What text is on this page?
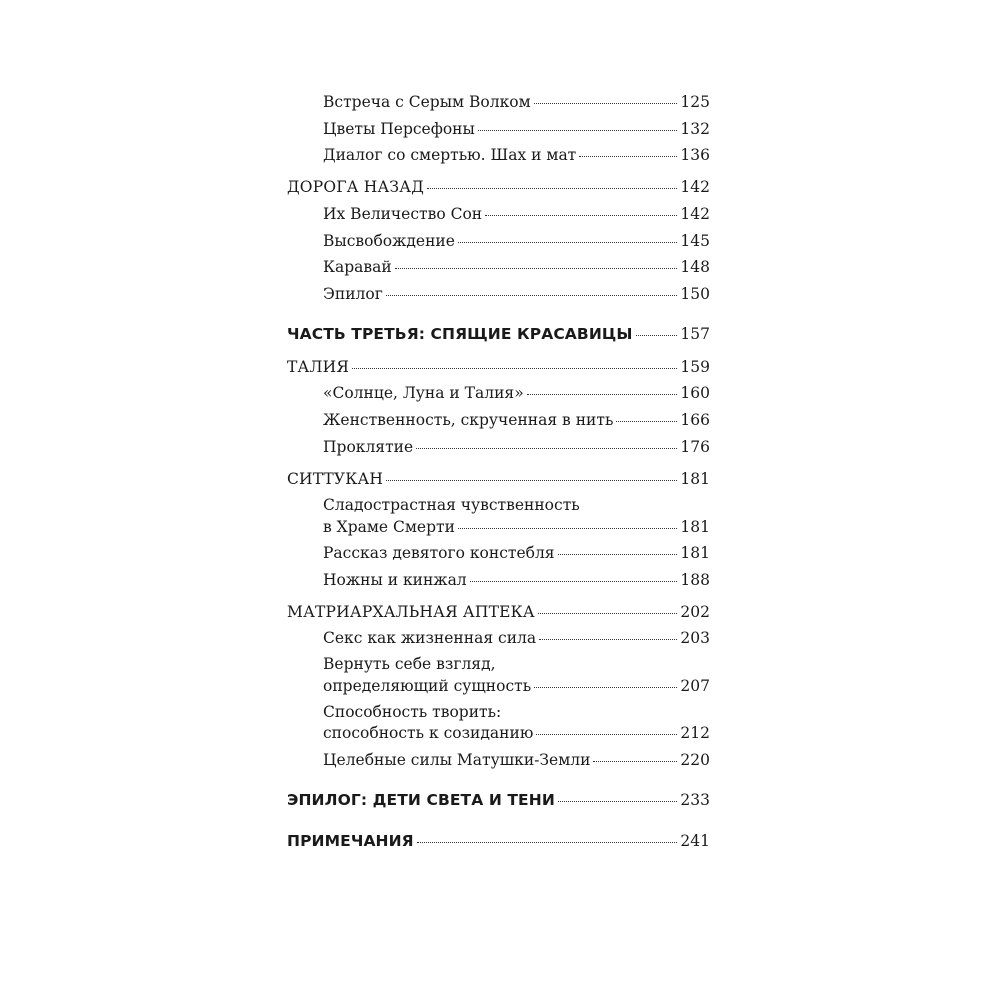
Встреча с Серым Волком	125
Цветы Персефоны	132
Диалог со смертью. Шах и мат	136
ДОРОГА НАЗАД	142
Их Величество Сон	142
Высвобождение	145
Каравай	148
Эпилог	150
ЧАСТЬ ТРЕТЬЯ: СПЯЩИЕ КРАСАВИЦЫ	157
ТАЛИЯ	159
«Солнце, Луна и Талия»	160
Женственность, скрученная в нить	166
Проклятие	176
СИТТУКАН	181
Сладострастная чувственность
в Храме Смерти	181
Рассказ девятого констебля	181
Ножны и кинжал	188
МАТРИАРХАЛЬНАЯ АПТЕКА	202
Секс как жизненная сила	203
Вернуть себе взгляд,
определяющий сущность	207
Способность творить:
способность к созиданию	212
Целебные силы Матушки-Земли	220
ЭПИЛОГ: ДЕТИ СВЕТА И ТЕНИ	233
ПРИМЕЧАНИЯ	241
